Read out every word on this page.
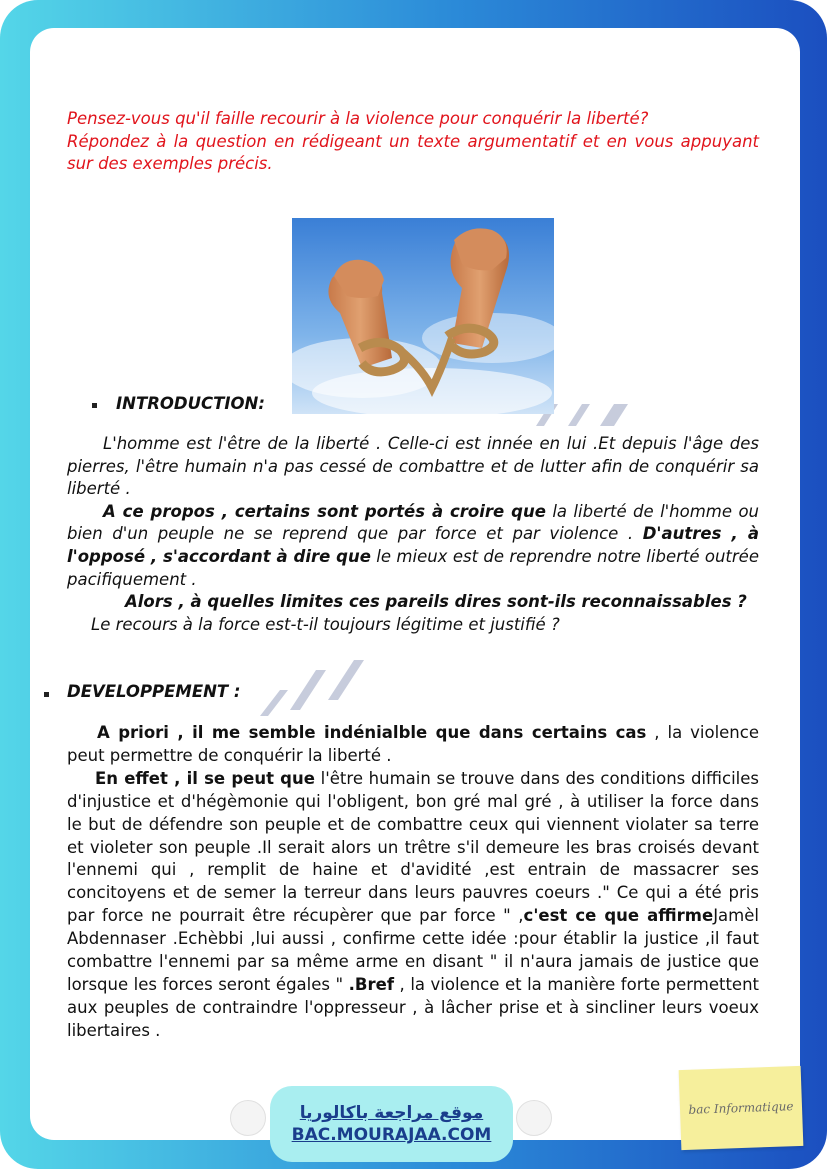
Pensez-vous qu'il faille recourir à la violence pour conquérir la liberté?

Répondez à la question en rédigeant un texte argumentatif et en vous appuyant sur des exemples précis.

INTRODUCTION:

L'homme est l'être de la liberté . Celle-ci est innée en lui .Et depuis l'âge des pierres, l'être humain n'a pas cessé de combattre et de lutter afin de conquérir sa liberté .

A ce propos , certains sont portés à croire que la liberté de l'homme ou bien d'un peuple ne se reprend que par force et par violence . D'autres , à l'opposé , s'accordant à dire que le mieux est de reprendre notre liberté outrée pacifiquement .

Alors , à quelles limites ces pareils dires sont-ils reconnaissables ?

Le recours à la force est-t-il toujours légitime et justifié ?

DEVELOPPEMENT :

A priori , il me semble indénialble que dans certains cas , la violence peut permettre de conquérir la liberté .

En effet , il se peut que l'être humain se trouve dans des conditions difficiles d'injustice et d'hégèmonie qui l'obligent, bon gré mal gré , à utiliser la force dans le but de défendre son peuple et de combattre ceux qui viennent violater sa terre et violeter son peuple .Il serait alors un trêtre s'il demeure les bras croisés devant l'ennemi qui , remplit de haine et d'avidité ,est entrain de massacrer ses concitoyens et de semer la terreur dans leurs pauvres coeurs ." Ce qui a été pris par force ne pourrait être récupèrer que par force " ,c'est ce que affirmeJamèl Abdennaser .Echèbbi ,lui aussi , confirme cette idée :pour établir la justice ,il faut combattre l'ennemi par sa même arme en disant " il n'aura jamais de justice que lorsque les forces seront égales " .Bref , la violence et la manière forte permettent aux peuples de contraindre l'oppresseur , à lâcher prise et à sincliner leurs voeux libertaires .

موقع مراجعة باكالوريا
BAC.MOURAJAA.COM
bac Informatique
